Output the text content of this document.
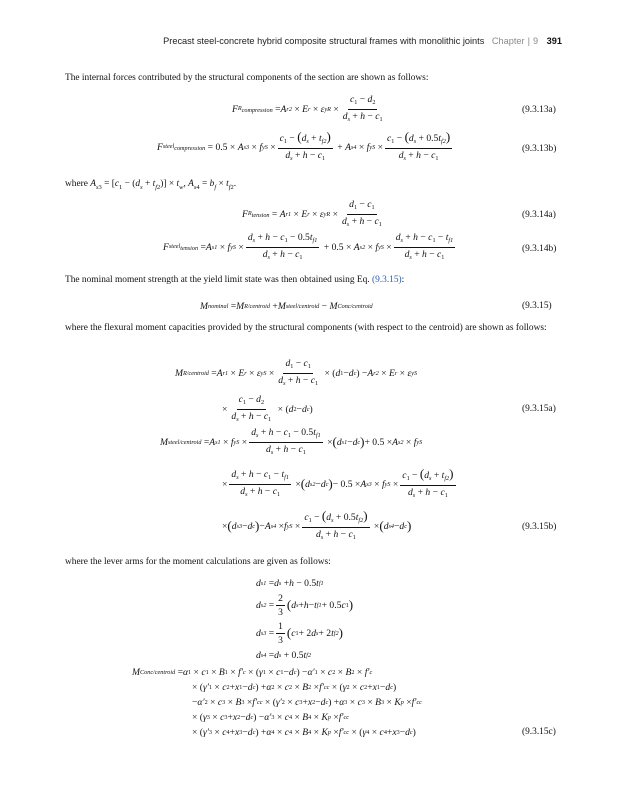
Precast steel-concrete hybrid composite structural frames with monolithic joints Chapter | 9 391
The internal forces contributed by the structural components of the section are shown as follows:
F $R_{compression} = A$ r2 × E r × ε yR × $\frac{c_1 - d_2}{d_s + h - c_1}$	(9.3.13a)
F steel$_{compression}$ = 0.5 × A s3 × f yS × $\frac{c_1 - (d_s + t_{f2})}{d_s + h - c_1} + A$ s4 × f yS × $\frac{c_1 - (d_s + 0.5t_{f2})}{d_s + h - c_1}$	(9.3.13b)
where $A_{s3} = [c_1 - (d_s + t_{f2})] \times t_w$, $A_{s4} = b_f \times t_{f2}$.
F $R_{tension} = A$ r1 × E r × ε yR × $\frac{d_1 - c_1}{d_s + h - c_1}$	(9.3.14a)
F steel$_{tension}$ = A s1 × f yS × $\frac{d_s + h - c_1 - 0.5t_{f1}}{d_s + h - c_1} + 0.5 \times A$ s2 × f yS × $\frac{d_s + h - c_1 - t_{f1}}{d_s + h - c_1}$	(9.3.14b)
The nominal moment strength at the yield limit state was then obtained using Eq. (9.3.15):
M nominal = M R/centroid + M steel/centroid − M Conc/centroid	(9.3.15)
where the flexural moment capacities provided by the structural components (with respect to the centroid) are shown as follows:
M R/centroid = A r1 × E r × ε yS × $\frac{d_1 - c_1}{d_s + h - c_1}$ × ( d 1 − d c ) − A r2 × E r × ε yS
× $\frac{c_1 - d_2}{d_s + h - c_1}$ × ( d 2 − d c )	(9.3.15a)
M steel/centroid = A s1 × f yS × $\frac{d_s + h - c_1 - 0.5t_{f1}}{d_s + h - c_1}$ × ( d s1 − d c ) + 0.5 × A s2 × f yS
× $\frac{d_s + h - c_1 - t_{f1}}{d_s + h - c_1}$ × ( d s2 − d c ) − 0.5 × A s3 × f yS × $\frac{c_1 - (d_s + t_{f2})}{d_s + h - c_1}$
× ( d s3 − d c ) − A s4 × f yS × $\frac{c_1 - (d_s + 0.5t_{f2})}{d_s + h - c_1}$ × ( d s4 − d c )	(9.3.15b)
where the lever arms for the moment calculations are given as follows:
d s1 = d s + h − 0.5 t f1
d $s2 = \frac{2}{3}$ ( d s + h − t f1 + 0.5 c 1 )
d $s3 = \frac{1}{3}$ ( c 1 + 2 d s + 2 t f2 )
d s4 = d s + 0.5 t f2
M Conc/centroid = α 1 × c 1 × B 1 × f′ c × ( γ 1 × c 1 − d c ) − α′ 1 × c 2 × B 2 × f′ c
× ( γ′ 1 × c 2 + x 1 − d c ) + α 2 × c 2 × B 2 × f′ cc × ( γ 2 × c 2 + x 1 − d c )
− α′ 2 × c 3 × B 3 × f′ cc × ( γ′ 2 × c 3 + x 2 − d c ) + α 3 × c 3 × B 3 × K p × f′ cc
× ( γ 3 × c 3 + x 2 − d c ) − α′ 3 × c 4 × B 4 × K p × f′ cc
× ( γ′ 3 × c 4 + x 3 − d c ) + α 4 × c 4 × B 4 × K p × f′ cc × ( γ 4 × c 4 + x 3 − d c )	(9.3.15c)
